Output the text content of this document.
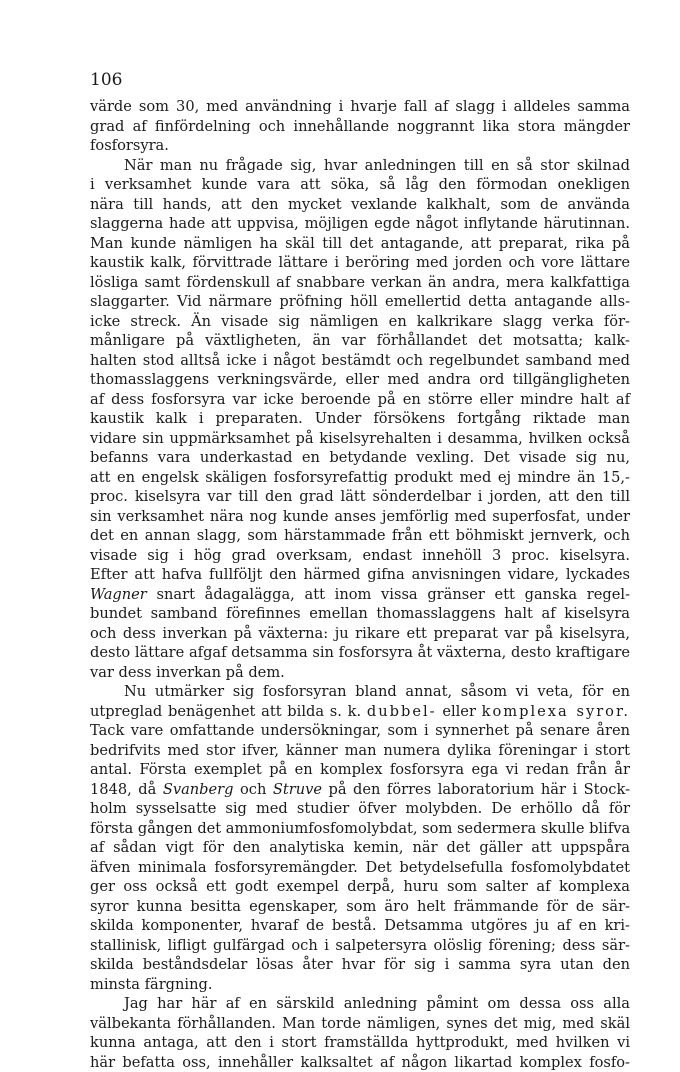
106
värde som 30, med användning i hvarje fall af slagg i alldeles samma
grad af finfördelning och innehållande noggrannt lika stora mängder
fosforsyra.
När man nu frågade sig, hvar anledningen till en så stor skilnad
i verksamhet kunde vara att söka, så låg den förmodan onekligen
nära till hands, att den mycket vexlande kalkhalt, som de använda
slaggerna hade att uppvisa, möjligen egde något inflytande härutinnan.
Man kunde nämligen ha skäl till det antagande, att preparat, rika på
kaustik kalk, förvittrade lättare i beröring med jorden och vore lättare
lösliga samt fördenskull af snabbare verkan än andra, mera kalkfattiga
slaggarter. Vid närmare pröfning höll emellertid detta antagande alls-
icke streck. Än visade sig nämligen en kalkrikare slagg verka för-
månligare på växtligheten, än var förhållandet det motsatta; kalk-
halten stod alltså icke i något bestämdt och regelbundet samband med
thomasslaggens verkningsvärde, eller med andra ord tillgängligheten
af dess fosforsyra var icke beroende på en större eller mindre halt af
kaustik kalk i preparaten. Under försökens fortgång riktade man
vidare sin uppmärksamhet på kiselsyrehalten i desamma, hvilken också
befanns vara underkastad en betydande vexling. Det visade sig nu,
att en engelsk skäligen fosforsyrefattig produkt med ej mindre än 15,-
proc. kiselsyra var till den grad lätt sönderdelbar i jorden, att den till
sin verksamhet nära nog kunde anses jemförlig med superfosfat, under
det en annan slagg, som härstammade från ett böhmiskt jernverk, och
visade sig i hög grad overksam, endast innehöll 3 proc. kiselsyra.
Efter att hafva fullföljt den härmed gifna anvisningen vidare, lyckades
Wagner snart ådagalägga, att inom vissa gränser ett ganska regel-
bundet samband förefinnes emellan thomasslaggens halt af kiselsyra
och dess inverkan på växterna: ju rikare ett preparat var på kiselsyra,
desto lättare afgaf detsamma sin fosforsyra åt växterna, desto kraftigare
var dess inverkan på dem.
Nu utmärker sig fosforsyran bland annat, såsom vi veta, för en
utpreglad benägenhet att bilda s. k. dubbel- eller komplexa syror.
Tack vare omfattande undersökningar, som i synnerhet på senare åren
bedrifvits med stor ifver, känner man numera dylika föreningar i stort
antal. Första exemplet på en komplex fosforsyra ega vi redan från år
1848, då Svanberg och Struve på den förres laboratorium här i Stock-
holm sysselsatte sig med studier öfver molybden. De erhöllo då för
första gången det ammoniumfosfomolybdat, som sedermera skulle blifva
af sådan vigt för den analytiska kemin, när det gäller att uppspåra
äfven minimala fosforsyremängder. Det betydelsefulla fosfomolybdatet
ger oss också ett godt exempel derpå, huru som salter af komplexa
syror kunna besitta egenskaper, som äro helt främmande för de sär-
skilda komponenter, hvaraf de bestå. Detsamma utgöres ju af en kri-
stallinisk, lifligt gulfärgad och i salpetersyra olöslig förening; dess sär-
skilda beståndsdelar lösas åter hvar för sig i samma syra utan den
minsta färgning.
Jag har här af en särskild anledning påmint om dessa oss alla
välbekanta förhållanden. Man torde nämligen, synes det mig, med skäl
kunna antaga, att den i stort framställda hyttprodukt, med hvilken vi
här befatta oss, innehåller kalksaltet af någon likartad komplex fosfo-
